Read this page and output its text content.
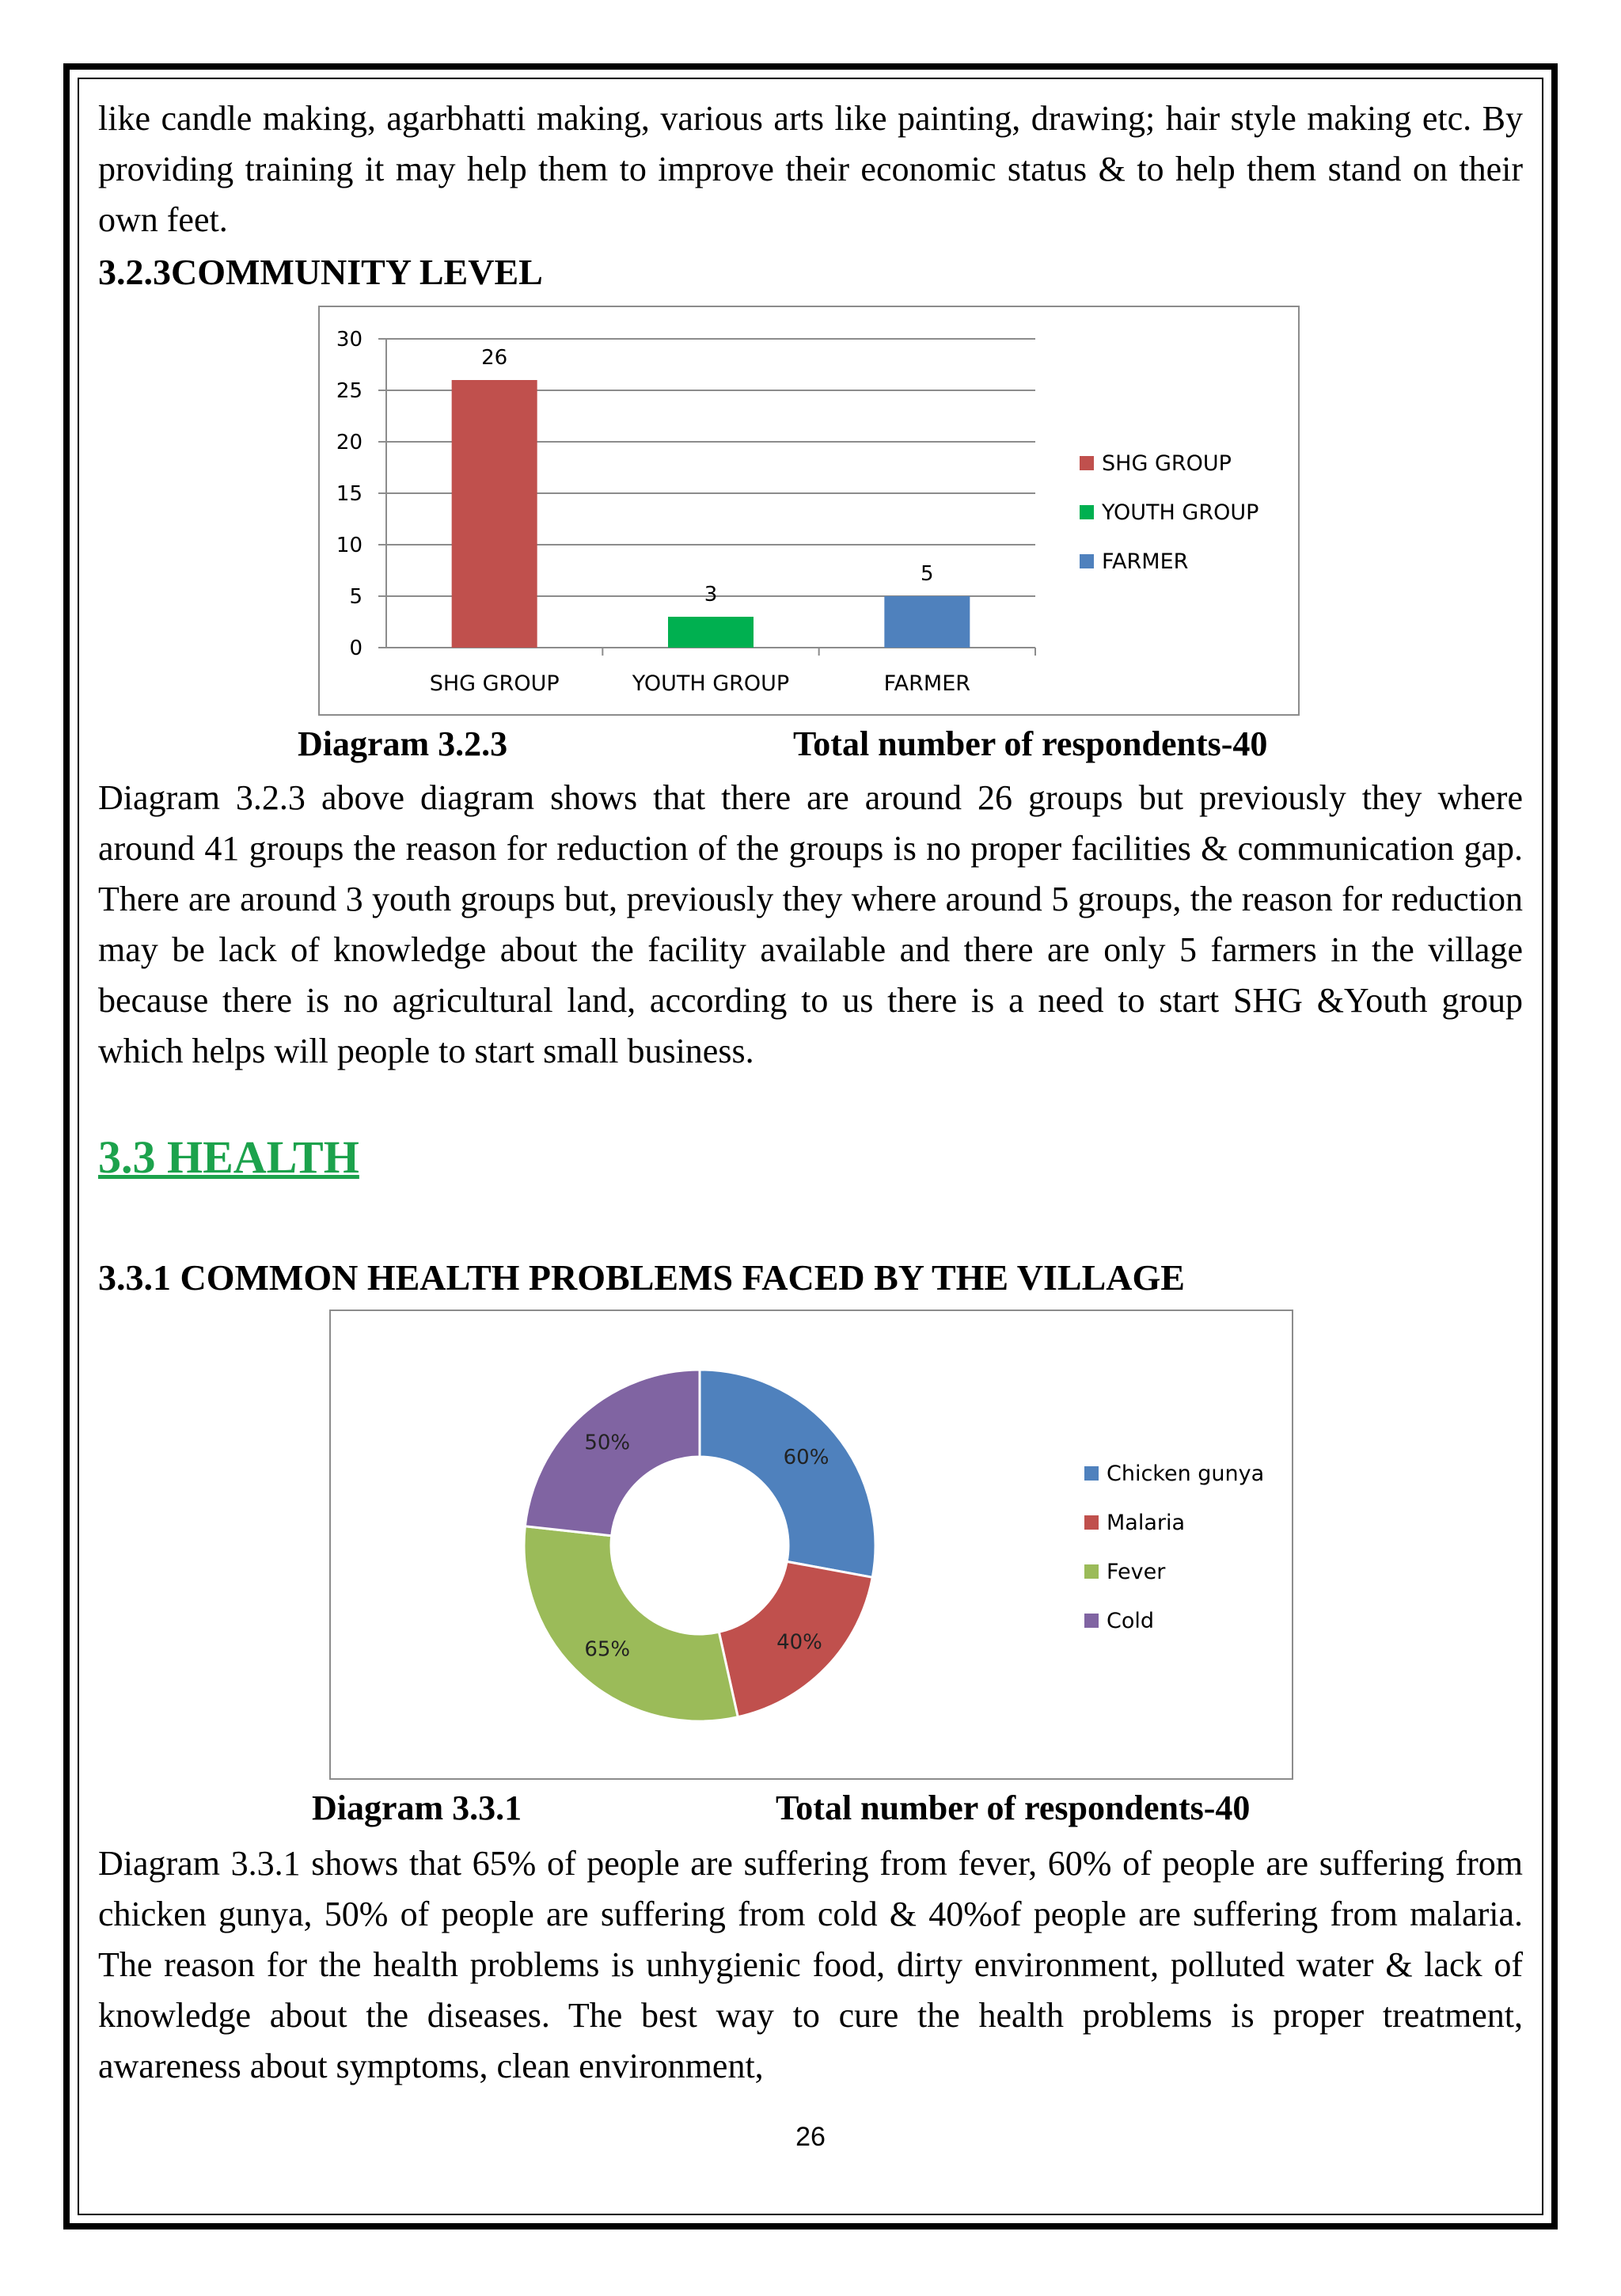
like candle making, agarbhatti making, various arts like painting, drawing; hair style making etc. By providing training it may help them to improve their economic status & to help them stand on their own feet.

3.2.3COMMUNITY LEVEL
0
5
10
15
20
25
30
26
SHG GROUP
3
YOUTH GROUP
5
FARMER
SHG GROUP
YOUTH GROUP
FARMER
Diagram 3.2.3	Total number of respondents-40

Diagram 3.2.3 above diagram shows that there are around 26 groups but previously they where around 41 groups the reason for reduction of the groups is no proper facilities & communication gap. There are around 3 youth groups but, previously they where around 5 groups, the reason for reduction may be lack of knowledge about the facility available and there are only 5 farmers in the village because there is no agricultural land, according to us there is a need to start SHG &Youth group which helps will people to start small business.

3.3 HEALTH
3.3.1 COMMON HEALTH PROBLEMS FACED BY THE VILLAGE
60%
40%
65%
50%
Chicken gunya
Malaria
Fever
Cold
Diagram 3.3.1	Total number of respondents-40

Diagram 3.3.1 shows that 65% of people are suffering from fever, 60% of people are suffering from chicken gunya, 50% of people are suffering from cold & 40%of people are suffering from malaria. The reason for the health problems is unhygienic food, dirty environment, polluted water & lack of knowledge about the diseases. The best way to cure the health problems is proper treatment, awareness about symptoms, clean environment,

26
